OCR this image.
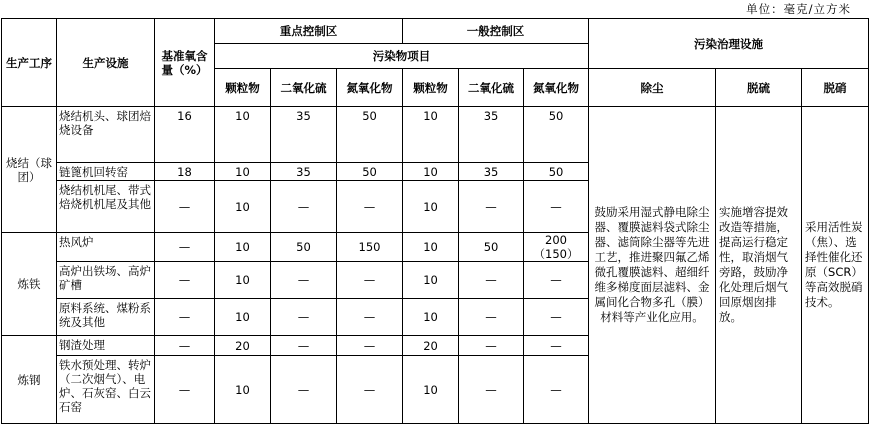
单位：毫克/立方米
生产工序	生产设施	基准氧含量（%）	重点控制区			一般控制区			污染治理设施		
			污染物项目								
			颗粒物	二氧化硫	氮氧化物	颗粒物	二氧化硫	氮氧化物	除尘	脱硫	脱硝
烧结（球团）	烧结机头、球团焙烧设备	16	10	35	50	10	35	50	鼓励采用湿式静电除尘器、覆膜滤料袋式除尘器、滤筒除尘器等先进工艺，推进聚四氟乙烯微孔覆膜滤料、超细纤维多梯度面层滤料、金属间化合物多孔（膜）材料等产业化应用。	实施增容提效改造等措施，提高运行稳定性，取消烟气旁路，鼓励净化处理后烟气回原烟囱排放。	采用活性炭（焦）、选择性催化还原（SCR）等高效脱硝技术。
	链篦机回转窑	18	10	35	50	10	35	50			
	烧结机机尾、带式焙烧机机尾及其他	—	10	—	—	10	—	—			
炼铁	热风炉	—	10	50	150	10	50	200（150）			
	高炉出铁场、高炉矿槽	—	10	—	—	10	—	—			
	原料系统、煤粉系统及其他	—	10	—	—	10	—	—			
炼钢	钢渣处理	—	20	—	—	20	—	—			
	铁水预处理、转炉（二次烟气）、电炉、石灰窑、白云石窑	—	10	—	—	10	—	—			
